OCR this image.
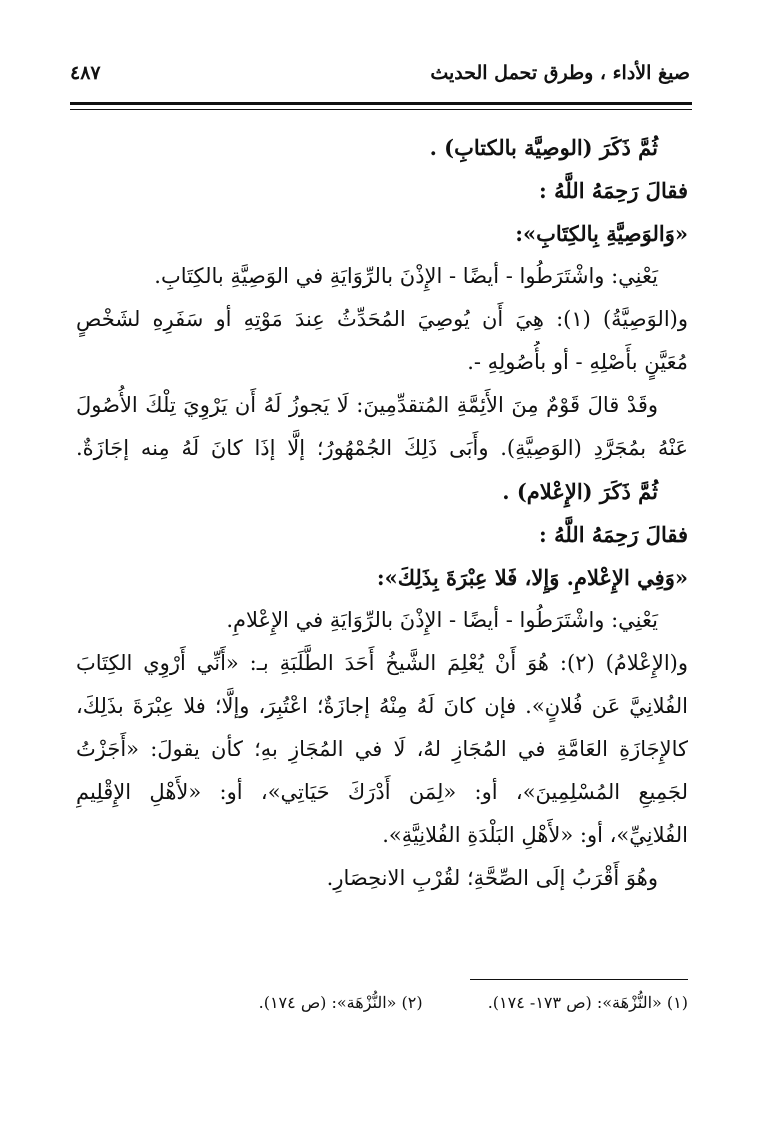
صيغ الأداء ، وطرق تحمل الحديث
٤٨٧
ثُمَّ ذَكَرَ (الوصِيَّة بالكتابِ) .
فقالَ رَحِمَهُ اللَّهُ :
«وَالوَصِيَّةِ بِالكِتَابِ»:
يَعْنِي: واشْتَرَطُوا - أيضًا - الإِذْنَ بالرِّوَايَةِ في الوَصِيَّةِ بالكِتَابِ.
و(الوَصِيَّةُ) (١): هِيَ أَن يُوصِيَ المُحَدِّثُ عِندَ مَوْتِهِ أو سَفَرِهِ لشَخْصٍ
مُعَيَّنٍ بأَصْلِهِ - أو بأُصُولِهِ -.
وقَدْ قالَ قَوْمٌ مِنَ الأَئِمَّةِ المُتقدِّمِينَ: لَا يَجوزُ لَهُ أَن يَرْوِيَ تِلْكَ الأُصُولَ
عَنْهُ بمُجَرَّدِ (الوَصِيَّةِ). وأَبَى ذَلِكَ الجُمْهُورُ؛ إلَّا إذَا كانَ لَهُ مِنه إجَازَةٌ.
ثُمَّ ذَكَرَ (الإِعْلام) .
فقالَ رَحِمَهُ اللَّهُ :
«وَفِي الإِعْلامِ. وَإِلا، فَلا عِبْرَةَ بِذَلِكَ»:
يَعْنِي: واشْتَرَطُوا - أيضًا - الإِذْنَ بالرِّوَايَةِ في الإِعْلامِ.
و(الإِعْلامُ) (٢): هُوَ أَنْ يُعْلِمَ الشَّيخُ أَحَدَ الطَّلَبَةِ بـ: «أَنِّي أَرْوِي الكِتَابَ
الفُلانِيَّ عَن فُلانٍ». فإن كانَ لَهُ مِنْهُ إجازَةٌ؛ اعْتُبِرَ، وإلَّا؛ فلا عِبْرَةَ بذَلِكَ،
كالإِجَازَةِ العَامَّةِ في المُجَازِ لهُ، لَا في المُجَازِ بهِ؛ كأن يقولَ: «أَجَزْتُ
لجَمِيعِ المُسْلِمِينَ»، أو: «لِمَن أَدْرَكَ حَيَاتِي»، أو: «لأَهْلِ الإِقْلِيمِ
الفُلانِيِّ»، أو: «لأَهْلِ البَلْدَةِ الفُلانِيَّةِ».
وهُوَ أَقْرَبُ إلَى الصِّحَّةِ؛ لقُرْبِ الانحِصَارِ.
(١) «النُّزْهَة»: (ص ١٧٣- ١٧٤). (٢) «النُّزْهَة»: (ص ١٧٤).
